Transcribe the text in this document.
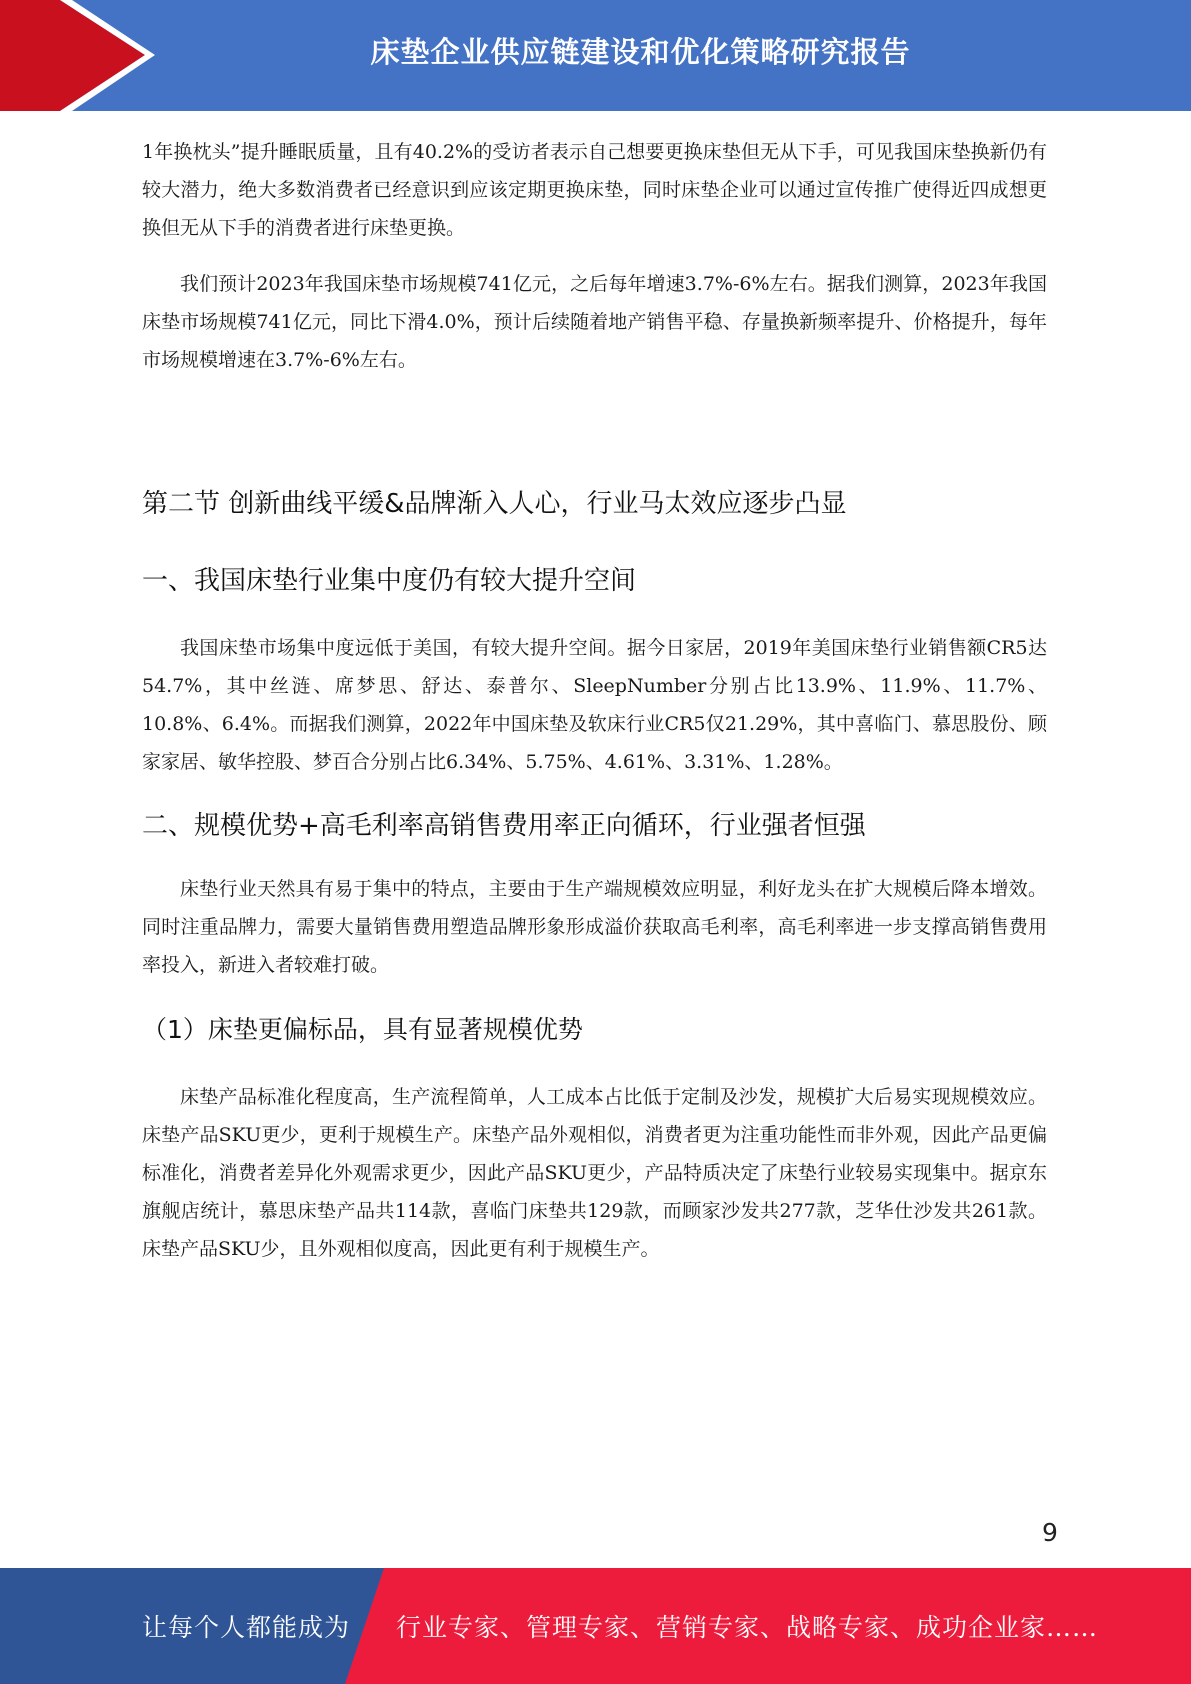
床垫企业供应链建设和优化策略研究报告

1年换枕头”提升睡眠质量，且有40.2%的受访者表示自己想要更换床垫但无从下手，可见我国床垫换新仍有较大潜力，绝大多数消费者已经意识到应该定期更换床垫，同时床垫企业可以通过宣传推广使得近四成想更换但无从下手的消费者进行床垫更换。

我们预计2023年我国床垫市场规模741亿元，之后每年增速3.7%-6%左右。据我们测算，2023年我国床垫市场规模741亿元，同比下滑4.0%，预计后续随着地产销售平稳、存量换新频率提升、价格提升，每年市场规模增速在3.7%-6%左右。

第二节 创新曲线平缓&品牌渐入人心，行业马太效应逐步凸显
一、我国床垫行业集中度仍有较大提升空间

我国床垫市场集中度远低于美国，有较大提升空间。据今日家居，2019年美国床垫行业销售额CR5达54.7%，其中丝涟、席梦思、舒达、泰普尔、SleepNumber分别占比13.9%、11.9%、11.7%、10.8%、6.4%。而据我们测算，2022年中国床垫及软床行业CR5仅21.29%，其中喜临门、慕思股份、顾家家居、敏华控股、梦百合分别占比6.34%、5.75%、4.61%、3.31%、1.28%。

二、规模优势+高毛利率高销售费用率正向循环，行业强者恒强

床垫行业天然具有易于集中的特点，主要由于生产端规模效应明显，利好龙头在扩大规模后降本增效。同时注重品牌力，需要大量销售费用塑造品牌形象形成溢价获取高毛利率，高毛利率进一步支撑高销售费用率投入，新进入者较难打破。

（1）床垫更偏标品，具有显著规模优势

床垫产品标准化程度高，生产流程简单，人工成本占比低于定制及沙发，规模扩大后易实现规模效应。床垫产品SKU更少，更利于规模生产。床垫产品外观相似，消费者更为注重功能性而非外观，因此产品更偏标准化，消费者差异化外观需求更少，因此产品SKU更少，产品特质决定了床垫行业较易实现集中。据京东旗舰店统计，慕思床垫产品共114款，喜临门床垫共129款，而顾家沙发共277款，芝华仕沙发共261款。床垫产品SKU少，且外观相似度高，因此更有利于规模生产。

9
让每个人都能成为 行业专家、管理专家、营销专家、战略专家、成功企业家……
